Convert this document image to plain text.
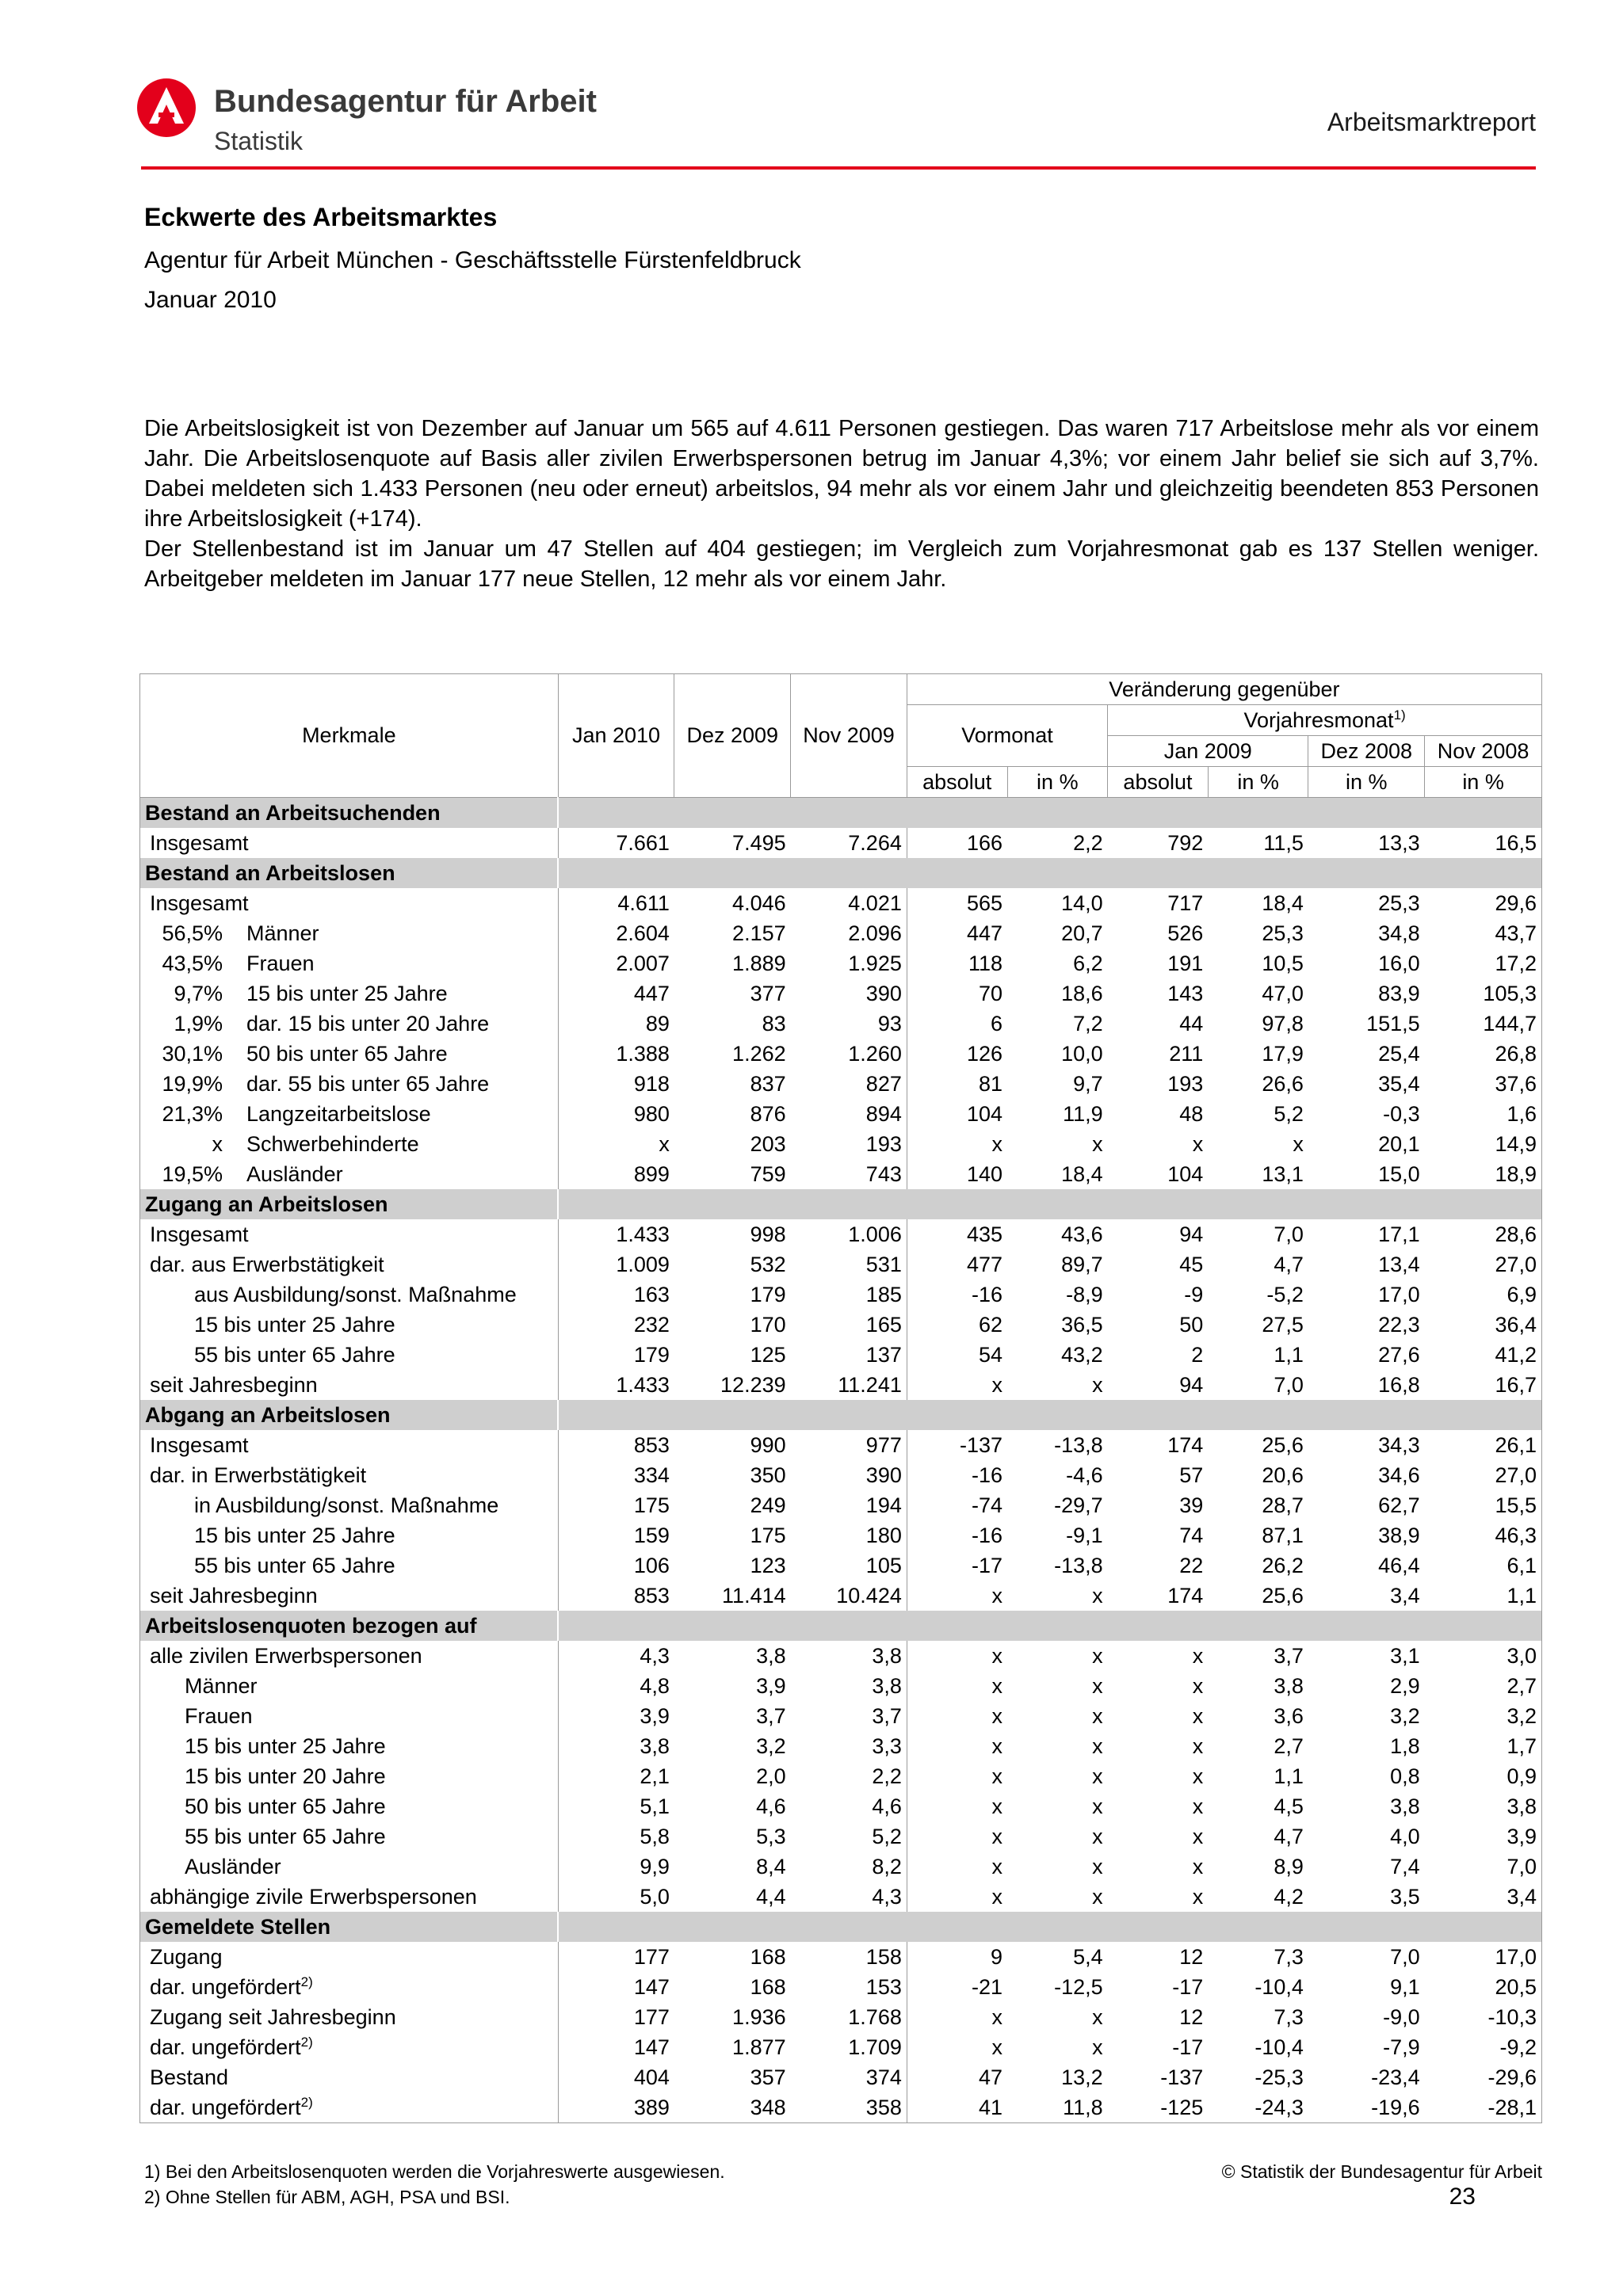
Bundesagentur für Arbeit
Statistik
Arbeitsmarktreport
Eckwerte des Arbeitsmarktes
Agentur für Arbeit München - Geschäftsstelle Fürstenfeldbruck
Januar 2010

Die Arbeitslosigkeit ist von Dezember auf Januar um 565 auf 4.611 Personen gestiegen. Das waren 717 Arbeitslose mehr als vor einem Jahr. Die Arbeitslosenquote auf Basis aller zivilen Erwerbspersonen betrug im Januar 4,3%; vor einem Jahr belief sie sich auf 3,7%. Dabei meldeten sich 1.433 Personen (neu oder erneut) arbeitslos, 94 mehr als vor einem Jahr und gleichzeitig beendeten 853 Personen ihre Arbeitslosigkeit (+174).

Der Stellenbestand ist im Januar um 47 Stellen auf 404 gestiegen; im Vergleich zum Vorjahresmonat gab es 137 Stellen weniger. Arbeitgeber meldeten im Januar 177 neue Stellen, 12 mehr als vor einem Jahr.

Merkmale	Jan 2010	Dez 2009	Nov 2009	Veränderung gegenüber					
				Vormonat		Vorjahresmonat$^{1)}$
						Jan 2009		Dez 2008	Nov 2008
				absolut	in %	absolut	in %	in %	in %
Bestand an Arbeitsuchenden									
Insgesamt	7.661	7.495	7.264	166	2,2	792	11,5	13,3	16,5
Bestand an Arbeitslosen									
Insgesamt	4.611	4.046	4.021	565	14,0	717	18,4	25,3	29,6
56,5% Männer	2.604	2.157	2.096	447	20,7	526	25,3	34,8	43,7
43,5% Frauen	2.007	1.889	1.925	118	6,2	191	10,5	16,0	17,2
9,7% 15 bis unter 25 Jahre	447	377	390	70	18,6	143	47,0	83,9	105,3
1,9% dar. 15 bis unter 20 Jahre	89	83	93	6	7,2	44	97,8	151,5	144,7
30,1% 50 bis unter 65 Jahre	1.388	1.262	1.260	126	10,0	211	17,9	25,4	26,8
19,9% dar. 55 bis unter 65 Jahre	918	837	827	81	9,7	193	26,6	35,4	37,6
21,3% Langzeitarbeitslose	980	876	894	104	11,9	48	5,2	-0,3	1,6
x Schwerbehinderte	x	203	193	x	x	x	x	20,1	14,9
19,5% Ausländer	899	759	743	140	18,4	104	13,1	15,0	18,9
Zugang an Arbeitslosen									
Insgesamt	1.433	998	1.006	435	43,6	94	7,0	17,1	28,6
dar. aus Erwerbstätigkeit	1.009	532	531	477	89,7	45	4,7	13,4	27,0
aus Ausbildung/sonst. Maßnahme	163	179	185	-16	-8,9	-9	-5,2	17,0	6,9
15 bis unter 25 Jahre	232	170	165	62	36,5	50	27,5	22,3	36,4
55 bis unter 65 Jahre	179	125	137	54	43,2	2	1,1	27,6	41,2
seit Jahresbeginn	1.433	12.239	11.241	x	x	94	7,0	16,8	16,7
Abgang an Arbeitslosen									
Insgesamt	853	990	977	-137	-13,8	174	25,6	34,3	26,1
dar. in Erwerbstätigkeit	334	350	390	-16	-4,6	57	20,6	34,6	27,0
in Ausbildung/sonst. Maßnahme	175	249	194	-74	-29,7	39	28,7	62,7	15,5
15 bis unter 25 Jahre	159	175	180	-16	-9,1	74	87,1	38,9	46,3
55 bis unter 65 Jahre	106	123	105	-17	-13,8	22	26,2	46,4	6,1
seit Jahresbeginn	853	11.414	10.424	x	x	174	25,6	3,4	1,1
Arbeitslosenquoten bezogen auf									
alle zivilen Erwerbspersonen	4,3	3,8	3,8	x	x	x	3,7	3,1	3,0
Männer	4,8	3,9	3,8	x	x	x	3,8	2,9	2,7
Frauen	3,9	3,7	3,7	x	x	x	3,6	3,2	3,2
15 bis unter 25 Jahre	3,8	3,2	3,3	x	x	x	2,7	1,8	1,7
15 bis unter 20 Jahre	2,1	2,0	2,2	x	x	x	1,1	0,8	0,9
50 bis unter 65 Jahre	5,1	4,6	4,6	x	x	x	4,5	3,8	3,8
55 bis unter 65 Jahre	5,8	5,3	5,2	x	x	x	4,7	4,0	3,9
Ausländer	9,9	8,4	8,2	x	x	x	8,9	7,4	7,0
abhängige zivile Erwerbspersonen	5,0	4,4	4,3	x	x	x	4,2	3,5	3,4
Gemeldete Stellen									
Zugang	177	168	158	9	5,4	12	7,3	7,0	17,0
dar. ungefördert$^{2)}$	147	168	153	-21	-12,5	-17	-10,4	9,1	20,5
Zugang seit Jahresbeginn	177	1.936	1.768	x	x	12	7,3	-9,0	-10,3
dar. ungefördert$^{2)}$	147	1.877	1.709	x	x	-17	-10,4	-7,9	-9,2
Bestand	404	357	374	47	13,2	-137	-25,3	-23,4	-29,6
dar. ungefördert$^{2)}$	389	348	358	41	11,8	-125	-24,3	-19,6	-28,1
1) Bei den Arbeitslosenquoten werden die Vorjahreswerte ausgewiesen.
2) Ohne Stellen für ABM, AGH, PSA und BSI.
© Statistik der Bundesagentur für Arbeit
23
